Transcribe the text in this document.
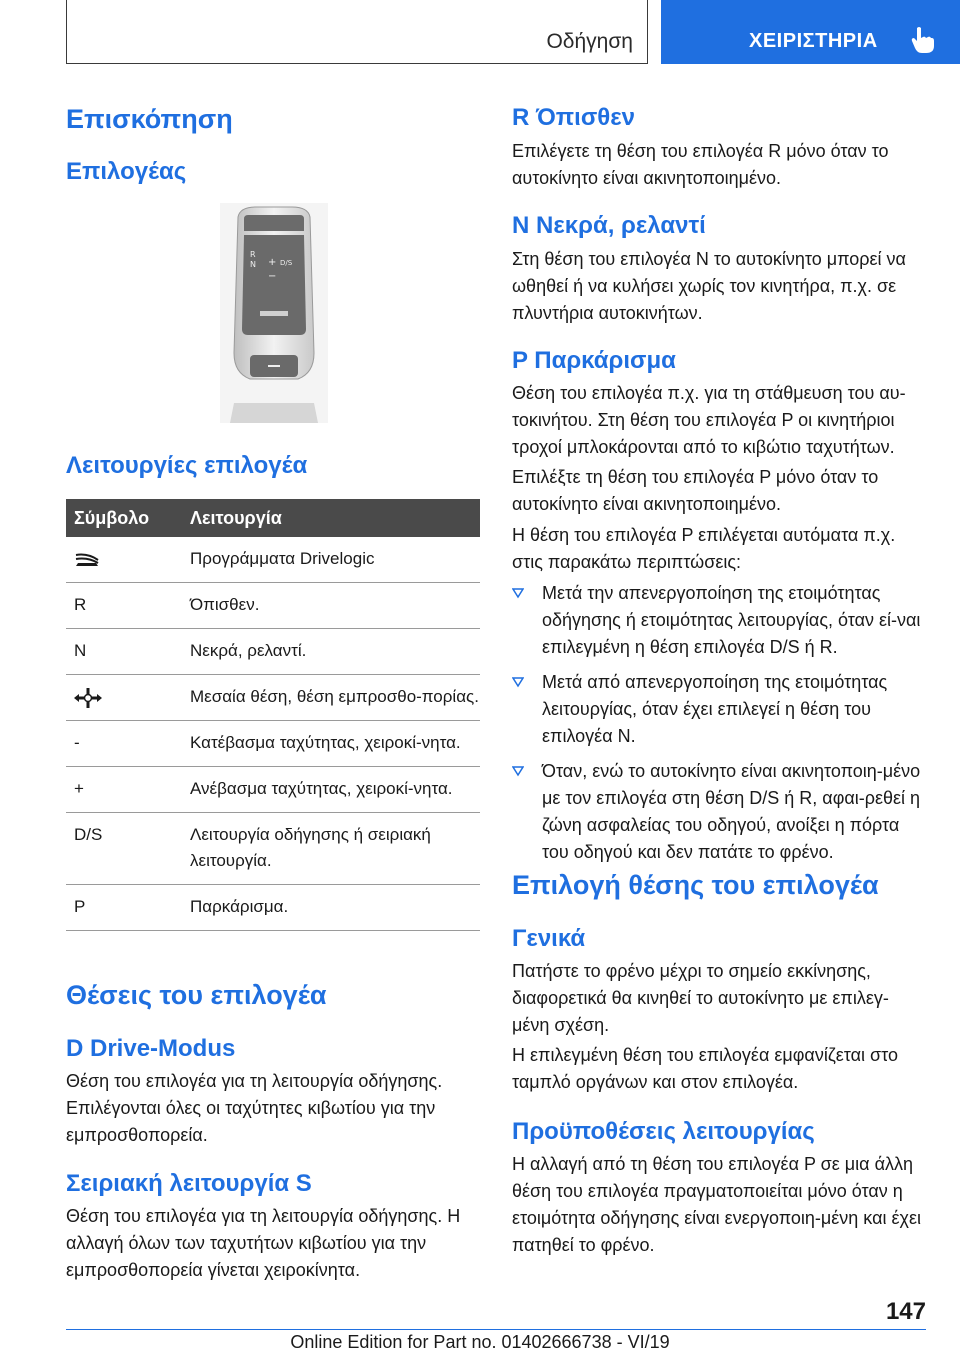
Οδήγηση	ΧΕΙΡΙΣΤΗΡΙΑ
Επισκόπηση
Επιλογέας
R
N + D/S
−
Λειτουργίες επιλογέα
Σύμβολο	Λειτουργία
	Προγράμματα Drivelogic
R	Όπισθεν.
N	Νεκρά, ρελαντί.
	Μεσαία θέση, θέση εμπροσθο-πορίας.
-	Κατέβασμα ταχύτητας, χειροκί-νητα.
+	Ανέβασμα ταχύτητας, χειροκί-νητα.
D/S	Λειτουργία οδήγησης ή σειριακή λειτουργία.
P	Παρκάρισμα.
Θέσεις του επιλογέα
D Drive-Modus
Θέση του επιλογέα για τη λειτουργία οδήγησης. Επιλέγονται όλες οι ταχύτητες κιβωτίου για την εμπροσθοπορεία.
Σειριακή λειτουργία S
Θέση του επιλογέα για τη λειτουργία οδήγησης. Η αλλαγή όλων των ταχυτήτων κιβωτίου για την εμπροσθοπορεία γίνεται χειροκίνητα.
R Όπισθεν
Επιλέγετε τη θέση του επιλογέα R μόνο όταν το αυτοκίνητο είναι ακινητοποιημένο.
N Νεκρά, ρελαντί
Στη θέση του επιλογέα N το αυτοκίνητο μπορεί να ωθηθεί ή να κυλήσει χωρίς τον κινητήρα, π.χ. σε πλυντήρια αυτοκινήτων.
P Παρκάρισμα
Θέση του επιλογέα π.χ. για τη στάθμευση του αυ-τοκινήτου. Στη θέση του επιλογέα P οι κινητήριοι τροχοί μπλοκάρονται από το κιβώτιο ταχυτήτων.
Επιλέξτε τη θέση του επιλογέα P μόνο όταν το αυτοκίνητο είναι ακινητοποιημένο.
Η θέση του επιλογέα P επιλέγεται αυτόματα π.χ. στις παρακάτω περιπτώσεις:
Μετά την απενεργοποίηση της ετοιμότητας οδήγησης ή ετοιμότητας λειτουργίας, όταν εί-ναι επιλεγμένη η θέση επιλογέα D/S ή R.
Μετά από απενεργοποίηση της ετοιμότητας λειτουργίας, όταν έχει επιλεγεί η θέση του επιλογέα N.
Όταν, ενώ το αυτοκίνητο είναι ακινητοποιη-μένο με τον επιλογέα στη θέση D/S ή R, αφαι-ρεθεί η ζώνη ασφαλείας του οδηγού, ανοίξει η πόρτα του οδηγού και δεν πατάτε το φρένο.
Επιλογή θέσης του επιλογέα
Γενικά
Πατήστε το φρένο μέχρι το σημείο εκκίνησης, διαφορετικά θα κινηθεί το αυτοκίνητο με επιλεγ-μένη σχέση.
Η επιλεγμένη θέση του επιλογέα εμφανίζεται στο ταμπλό οργάνων και στον επιλογέα.
Προϋποθέσεις λειτουργίας
Η αλλαγή από τη θέση του επιλογέα P σε μια άλλη θέση του επιλογέα πραγματοποιείται μόνο όταν η ετοιμότητα οδήγησης είναι ενεργοποιη-μένη και έχει πατηθεί το φρένο.
147
Online Edition for Part no. 01402666738 - VI/19
